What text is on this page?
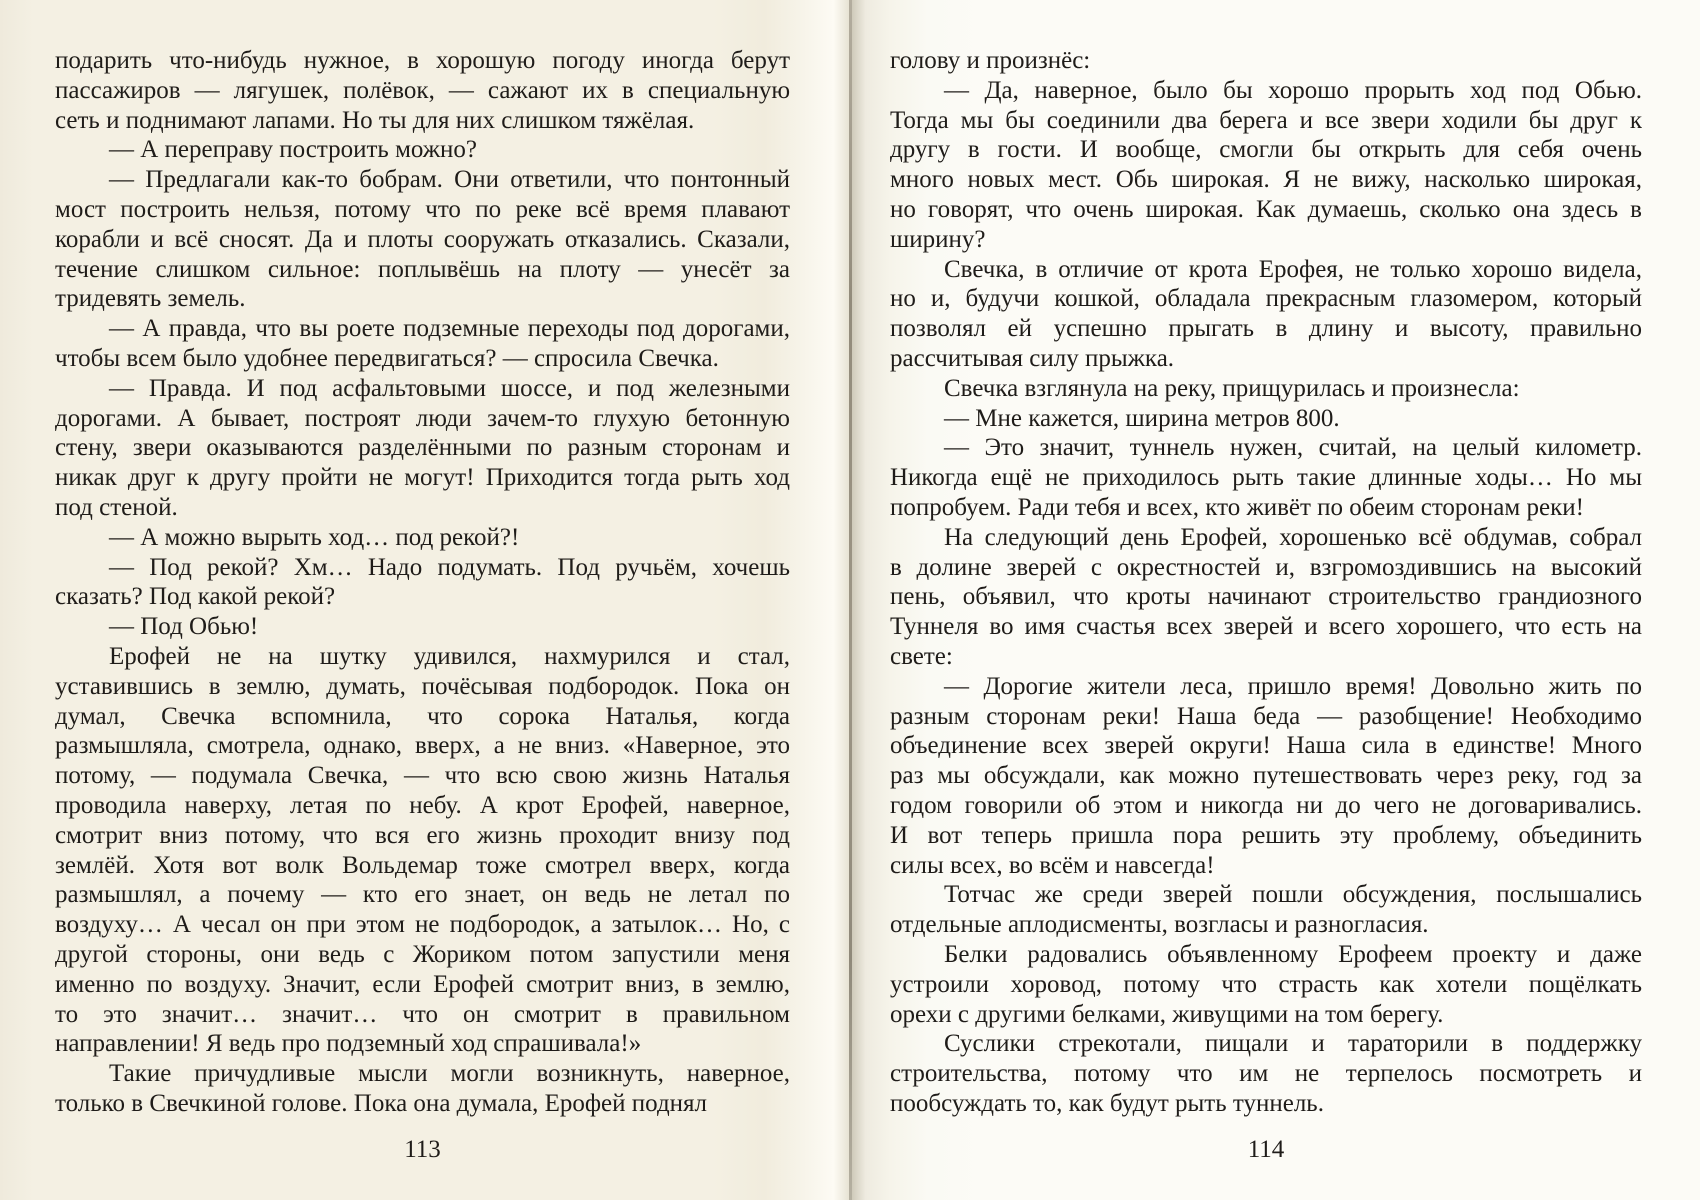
подарить что-нибудь нужное, в хорошую погоду иногда берут
пассажиров — лягушек, полёвок, — сажают их в специальную
сеть и поднимают лапами. Но ты для них слишком тяжёлая.
— А переправу построить можно?
— Предлагали как-то бобрам. Они ответили, что понтонный
мост построить нельзя, потому что по реке всё время плавают
корабли и всё сносят. Да и плоты сооружать отказались. Сказали,
течение слишком сильное: поплывёшь на плоту — унесёт за
тридевять земель.
— А правда, что вы роете подземные переходы под дорогами,
чтобы всем было удобнее передвигаться? — спросила Свечка.
— Правда. И под асфальтовыми шоссе, и под железными
дорогами. А бывает, построят люди зачем-то глухую бетонную
стену, звери оказываются разделёнными по разным сторонам и
никак друг к другу пройти не могут! Приходится тогда рыть ход
под стеной.
— А можно вырыть ход… под рекой?!
— Под рекой? Хм… Надо подумать. Под ручьём, хочешь
сказать? Под какой рекой?
— Под Обью!
Ерофей не на шутку удивился, нахмурился и стал,
уставившись в землю, думать, почёсывая подбородок. Пока он
думал, Свечка вспомнила, что сорока Наталья, когда
размышляла, смотрела, однако, вверх, а не вниз. «Наверное, это
потому, — подумала Свечка, — что всю свою жизнь Наталья
проводила наверху, летая по небу. А крот Ерофей, наверное,
смотрит вниз потому, что вся его жизнь проходит внизу под
землёй. Хотя вот волк Вольдемар тоже смотрел вверх, когда
размышлял, а почему — кто его знает, он ведь не летал по
воздуху… А чесал он при этом не подбородок, а затылок… Но, с
другой стороны, они ведь с Жориком потом запустили меня
именно по воздуху. Значит, если Ерофей смотрит вниз, в землю,
то это значит… значит… что он смотрит в правильном
направлении! Я ведь про подземный ход спрашивала!»
Такие причудливые мысли могли возникнуть, наверное,
только в Свечкиной голове. Пока она думала, Ерофей поднял
голову и произнёс:
— Да, наверное, было бы хорошо прорыть ход под Обью.
Тогда мы бы соединили два берега и все звери ходили бы друг к
другу в гости. И вообще, смогли бы открыть для себя очень
много новых мест. Обь широкая. Я не вижу, насколько широкая,
но говорят, что очень широкая. Как думаешь, сколько она здесь в
ширину?
Свечка, в отличие от крота Ерофея, не только хорошо видела,
но и, будучи кошкой, обладала прекрасным глазомером, который
позволял ей успешно прыгать в длину и высоту, правильно
рассчитывая силу прыжка.
Свечка взглянула на реку, прищурилась и произнесла:
— Мне кажется, ширина метров 800.
— Это значит, туннель нужен, считай, на целый километр.
Никогда ещё не приходилось рыть такие длинные ходы… Но мы
попробуем. Ради тебя и всех, кто живёт по обеим сторонам реки!
На следующий день Ерофей, хорошенько всё обдумав, собрал
в долине зверей с окрестностей и, взгромоздившись на высокий
пень, объявил, что кроты начинают строительство грандиозного
Туннеля во имя счастья всех зверей и всего хорошего, что есть на
свете:
— Дорогие жители леса, пришло время! Довольно жить по
разным сторонам реки! Наша беда — разобщение! Необходимо
объединение всех зверей округи! Наша сила в единстве! Много
раз мы обсуждали, как можно путешествовать через реку, год за
годом говорили об этом и никогда ни до чего не договаривались.
И вот теперь пришла пора решить эту проблему, объединить
силы всех, во всём и навсегда!
Тотчас же среди зверей пошли обсуждения, послышались
отдельные аплодисменты, возгласы и разногласия.
Белки радовались объявленному Ерофеем проекту и даже
устроили хоровод, потому что страсть как хотели пощёлкать
орехи с другими белками, живущими на том берегу.
Суслики стрекотали, пищали и тараторили в поддержку
строительства, потому что им не терпелось посмотреть и
пообсуждать то, как будут рыть туннель.
113	114
